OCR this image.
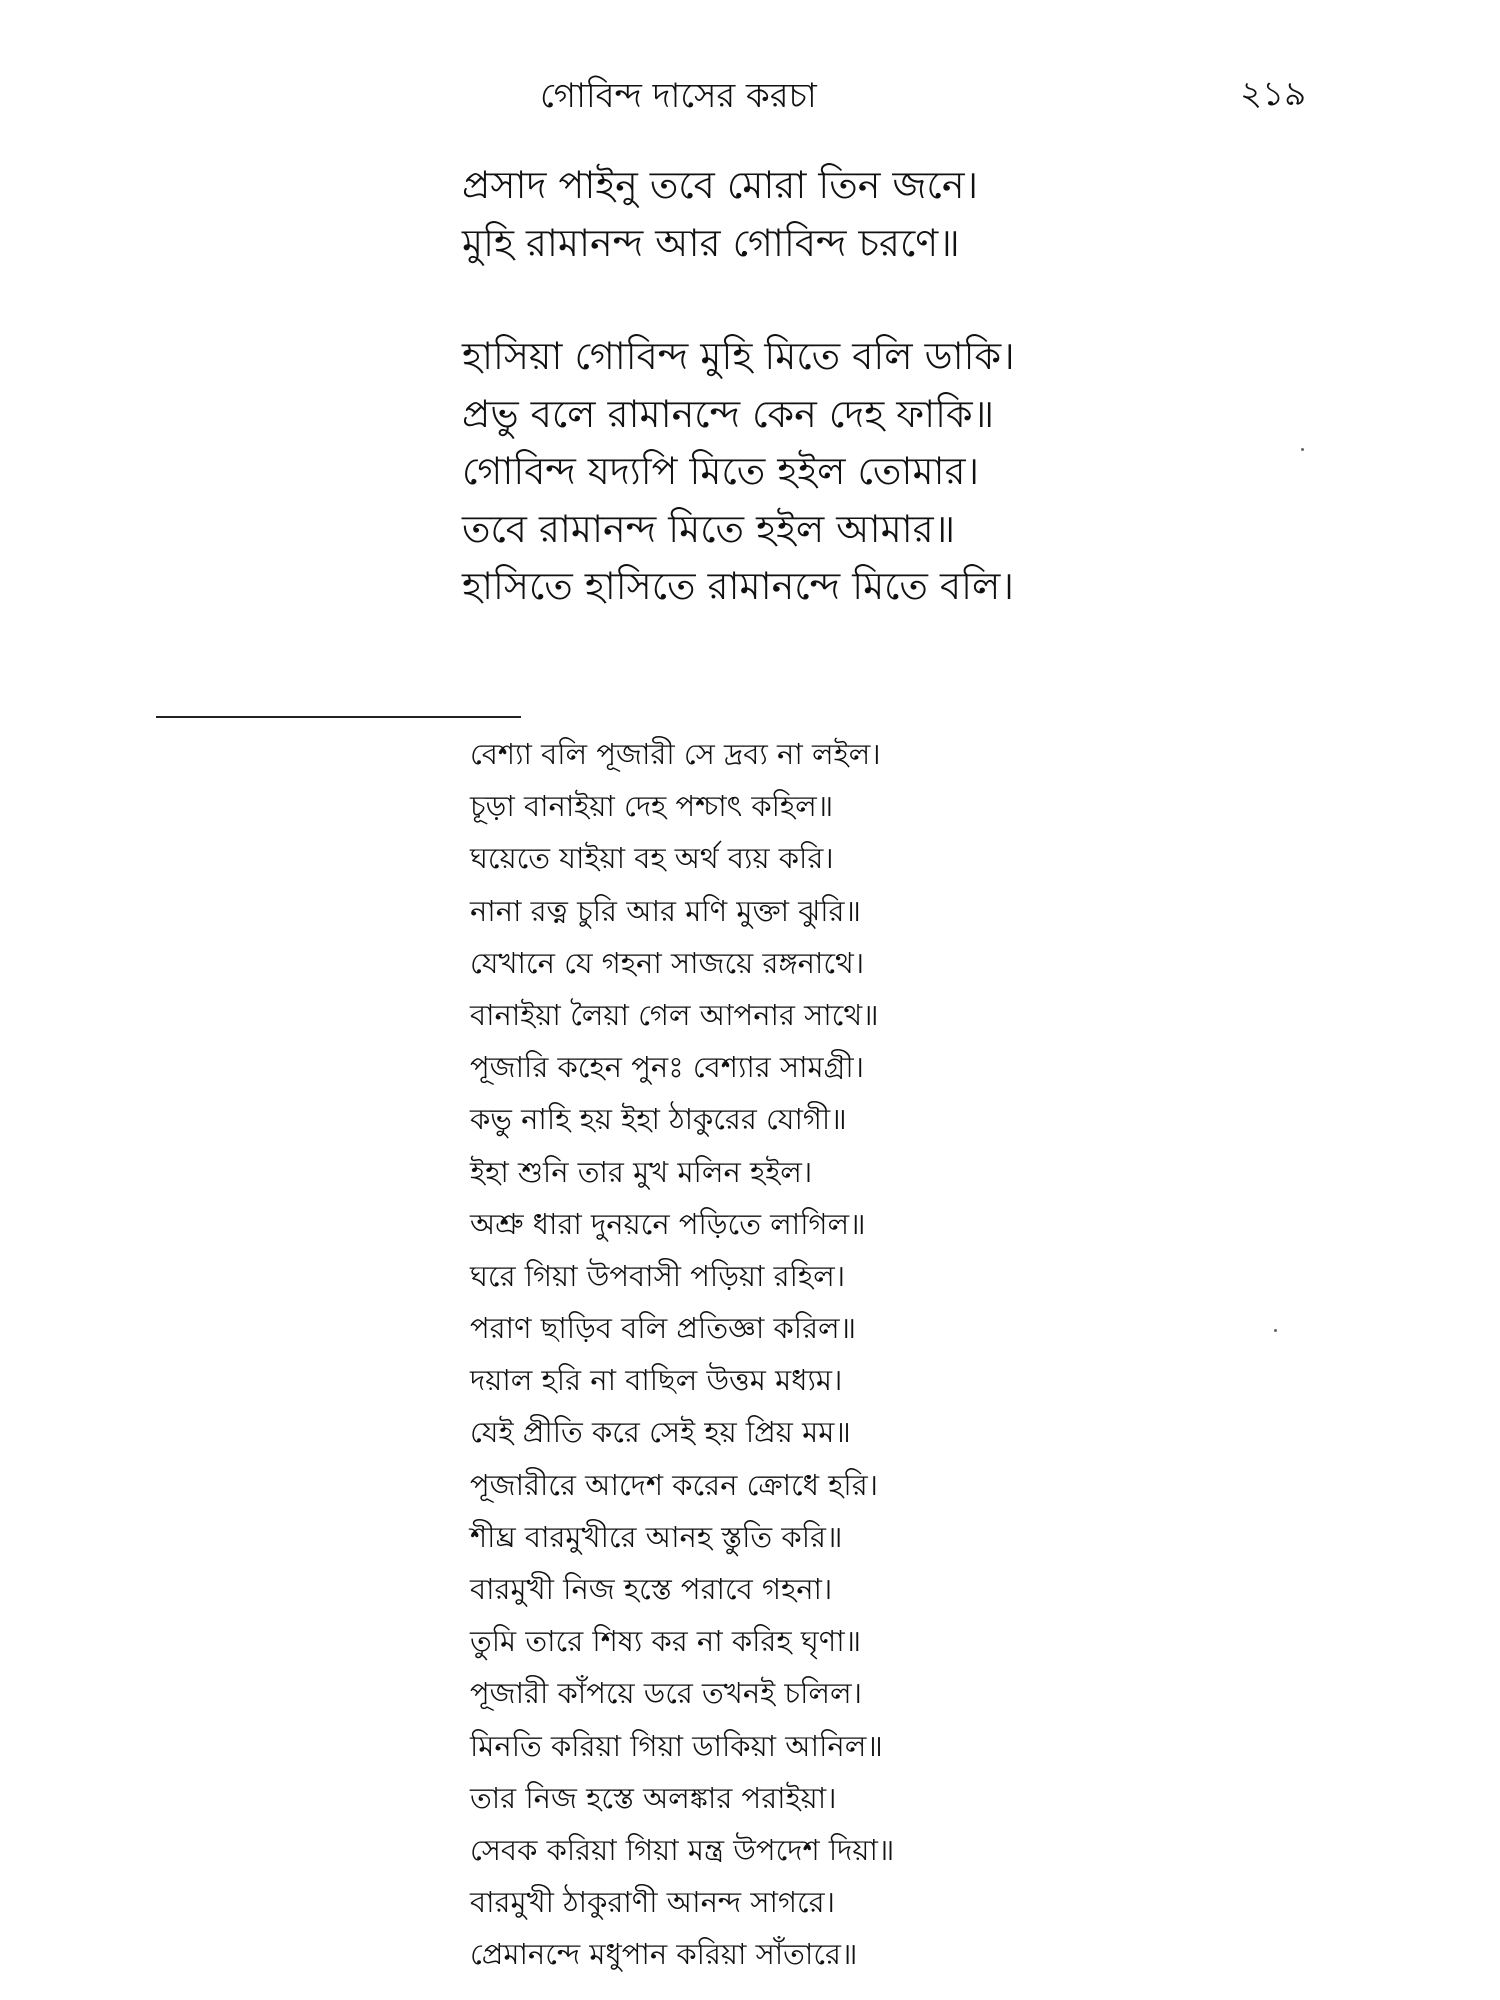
গোবিন্দ দাসের করচা	২১৯
প্রসাদ পাইনু তবে মোরা তিন জনে।
মুহি রামানন্দ আর গোবিন্দ চরণে॥
হাসিয়া গোবিন্দ মুহি মিতে বলি ডাকি।
প্রভু বলে রামানন্দে কেন দেহ ফাকি॥
গোবিন্দ যদ্যপি মিতে হইল তোমার।
তবে রামানন্দ মিতে হইল আমার॥
হাসিতে হাসিতে রামানন্দে মিতে বলি।
বেশ্যা বলি পূজারী সে দ্রব্য না লইল।
চূড়া বানাইয়া দেহ পশ্চাৎ কহিল॥
ঘয়েতে যাইয়া বহ অর্থ ব্যয় করি।
নানা রত্ন চুরি আর মণি মুক্তা ঝুরি॥
যেখানে যে গহনা সাজয়ে রঙ্গনাথে।
বানাইয়া লৈয়া গেল আপনার সাথে॥
পূজারি কহেন পুনঃ বেশ্যার সামগ্রী।
কভু নাহি হয় ইহা ঠাকুরের যোগী॥
ইহা শুনি তার মুখ মলিন হইল।
অশ্রু ধারা দুনয়নে পড়িতে লাগিল॥
ঘরে গিয়া উপবাসী পড়িয়া রহিল।
পরাণ ছাড়িব বলি প্রতিজ্ঞা করিল॥
দয়াল হরি না বাছিল উত্তম মধ্যম।
যেই প্রীতি করে সেই হয় প্রিয় মম॥
পূজারীরে আদেশ করেন ক্রোধে হরি।
শীঘ্র বারমুখীরে আনহ স্তুতি করি॥
বারমুখী নিজ হস্তে পরাবে গহনা।
তুমি তারে শিষ্য কর না করিহ ঘৃণা॥
পূজারী কাঁপয়ে ডরে তখনই চলিল।
মিনতি করিয়া গিয়া ডাকিয়া আনিল॥
তার নিজ হস্তে অলঙ্কার পরাইয়া।
সেবক করিয়া গিয়া মন্ত্র উপদেশ দিয়া॥
বারমুখী ঠাকুরাণী আনন্দ সাগরে।
প্রেমানন্দে মধুপান করিয়া সাঁতারে॥
